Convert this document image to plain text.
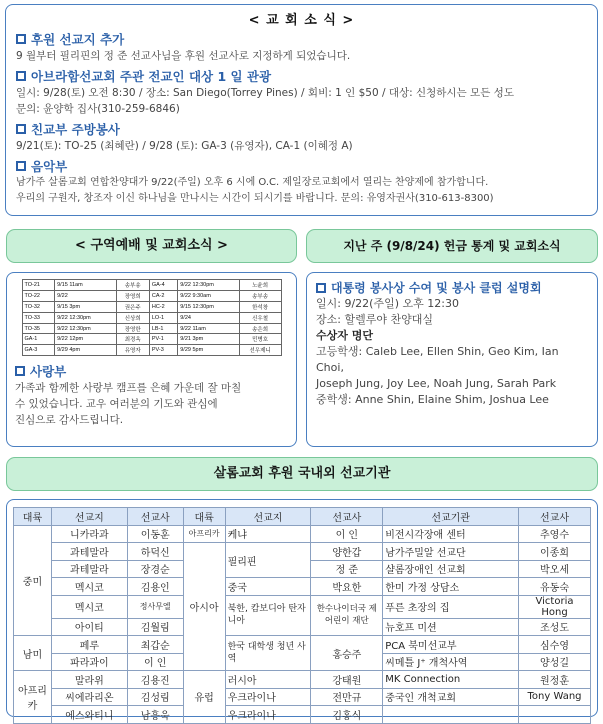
< 교 회 소 식 >
후원 선교지 추가
9 월부터 필리핀의 정 준 선교사님을 후원 선교사로 지정하게 되었습니다.
아브라함선교회 주관 전교인 대상 1 일 관광
일시: 9/28(토) 오전 8:30 / 장소: San Diego(Torrey Pines) / 회비: 1 인 $50 / 대상: 신청하시는 모든 성도
문의: 윤양학 집사(310-259-6846)
친교부 주방봉사
9/21(토): TO-25 (최혜란) / 9/28 (토): GA-3 (유영자), CA-1 (이혜정 A)
음악부
남가주 살롬교회 연합찬양대가 9/22(주일) 오후 6 시에 O.C. 제일장로교회에서 열리는 찬양제에 참가합니다.
우리의 구원자, 창조자 이신 하나님을 만나시는 시간이 되시기를 바랍니다. 문의: 유영자권사(310-613-8300)
< 구역예배 및 교회소식 >	지난 주 (9/8/24) 헌금 통계 및 교회소식
TO-21	9/15 11am	송부송	GA-4	9/22 12:30pm	노윤희
TO-22	9/22	장영희	CA-2	9/22 9:30am	송부송
TO-32	9/15 3pm	권은주	HC-2	9/15 12:30pm	한석창
TO-33	9/22 12:30pm	신상희	LO-1	9/24	신우철
TO-35	9/22 12:30pm	장영한	LB-1	9/22 11am	송은희
GA-1	9/22 12pm	최경옥	PV-1	9/21 3pm	민병호
GA-3	9/29 4pm	유영자	PV-3	9/29 5pm	선우제니
사랑부
가족과 함께한 사랑부 캠프를 은혜 가운데 잘 마칠
수 있었습니다. 교우 여러분의 기도와 관심에
진심으로 감사드립니다.
대통령 봉사상 수여 및 봉사 클럽 설명회
일시: 9/22(주일) 오후 12:30
장소: 할렐루야 찬양대실
수상자 명단
고등학생: Caleb Lee, Ellen Shin, Geo Kim, Ian Choi,
Joseph Jung, Joy Lee, Noah Jung, Sarah Park
중학생: Anne Shin, Elaine Shim, Joshua Lee
살롬교회 후원 국내외 선교기관
대륙	선교지	선교사	대륙	선교지	선교사	선교기관	선교사
중미	니카라과	이동훈	아프리카	케냐	이 인	비전시각장애 센터	추영수
	과테말라	하덕신	아시아	필리핀	양한갑	남가주밀알 선교단	이종희
	과테말라	장경순			정 준	샬롬장애인 선교회	박오세
	멕시코	김용인		중국	박요한	한미 가정 상담소	유동숙
	멕시코	정사무엘		북한, 캄보디아 탄자니아	한수나이더국 제어린이 재단	푸른 초장의 집	Victoria Hong
	아이티	김월림				뉴호프 미션	조성도
남미	페루	최갑순		한국 대학생 청년 사역	홍승주	PCA 북미선교부	심수영
	파라과이	이 인				씨메틀 J⁺ 개척사역	양성길
아프리카	말라위	김용진	유럽	러시아	강태원	MK Connection	원정훈
	씨에라리온	김성림		우크라이나	전만규	중국인 개척교회	Tony Wang
	에스와티니	남흥욱		우크라이나	김홍식		
